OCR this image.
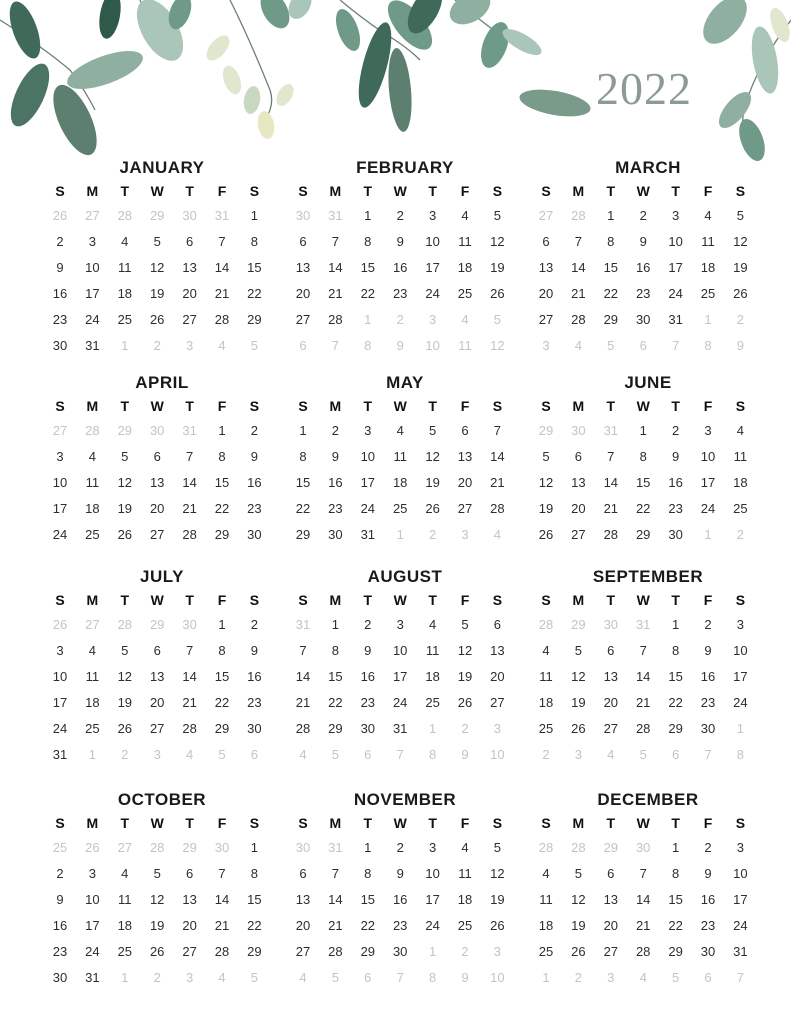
2022
JANUARY
S	M	T	W	T	F	S
26	27	28	29	30	31	1
2	3	4	5	6	7	8
9	10	11	12	13	14	15
16	17	18	19	20	21	22
23	24	25	26	27	28	29
30	31	1	2	3	4	5
FEBRUARY
S	M	T	W	T	F	S
30	31	1	2	3	4	5
6	7	8	9	10	11	12
13	14	15	16	17	18	19
20	21	22	23	24	25	26
27	28	1	2	3	4	5
6	7	8	9	10	11	12
MARCH
S	M	T	W	T	F	S
27	28	1	2	3	4	5
6	7	8	9	10	11	12
13	14	15	16	17	18	19
20	21	22	23	24	25	26
27	28	29	30	31	1	2
3	4	5	6	7	8	9
APRIL
S	M	T	W	T	F	S
27	28	29	30	31	1	2
3	4	5	6	7	8	9
10	11	12	13	14	15	16
17	18	19	20	21	22	23
24	25	26	27	28	29	30
MAY
S	M	T	W	T	F	S
1	2	3	4	5	6	7
8	9	10	11	12	13	14
15	16	17	18	19	20	21
22	23	24	25	26	27	28
29	30	31	1	2	3	4
JUNE
S	M	T	W	T	F	S
29	30	31	1	2	3	4
5	6	7	8	9	10	11
12	13	14	15	16	17	18
19	20	21	22	23	24	25
26	27	28	29	30	1	2
JULY
S	M	T	W	T	F	S
26	27	28	29	30	1	2
3	4	5	6	7	8	9
10	11	12	13	14	15	16
17	18	19	20	21	22	23
24	25	26	27	28	29	30
31	1	2	3	4	5	6
AUGUST
S	M	T	W	T	F	S
31	1	2	3	4	5	6
7	8	9	10	11	12	13
14	15	16	17	18	19	20
21	22	23	24	25	26	27
28	29	30	31	1	2	3
4	5	6	7	8	9	10
SEPTEMBER
S	M	T	W	T	F	S
28	29	30	31	1	2	3
4	5	6	7	8	9	10
11	12	13	14	15	16	17
18	19	20	21	22	23	24
25	26	27	28	29	30	1
2	3	4	5	6	7	8
OCTOBER
S	M	T	W	T	F	S
25	26	27	28	29	30	1
2	3	4	5	6	7	8
9	10	11	12	13	14	15
16	17	18	19	20	21	22
23	24	25	26	27	28	29
30	31	1	2	3	4	5
NOVEMBER
S	M	T	W	T	F	S
30	31	1	2	3	4	5
6	7	8	9	10	11	12
13	14	15	16	17	18	19
20	21	22	23	24	25	26
27	28	29	30	1	2	3
4	5	6	7	8	9	10
DECEMBER
S	M	T	W	T	F	S
28	28	29	30	1	2	3
4	5	6	7	8	9	10
11	12	13	14	15	16	17
18	19	20	21	22	23	24
25	26	27	28	29	30	31
1	2	3	4	5	6	7
